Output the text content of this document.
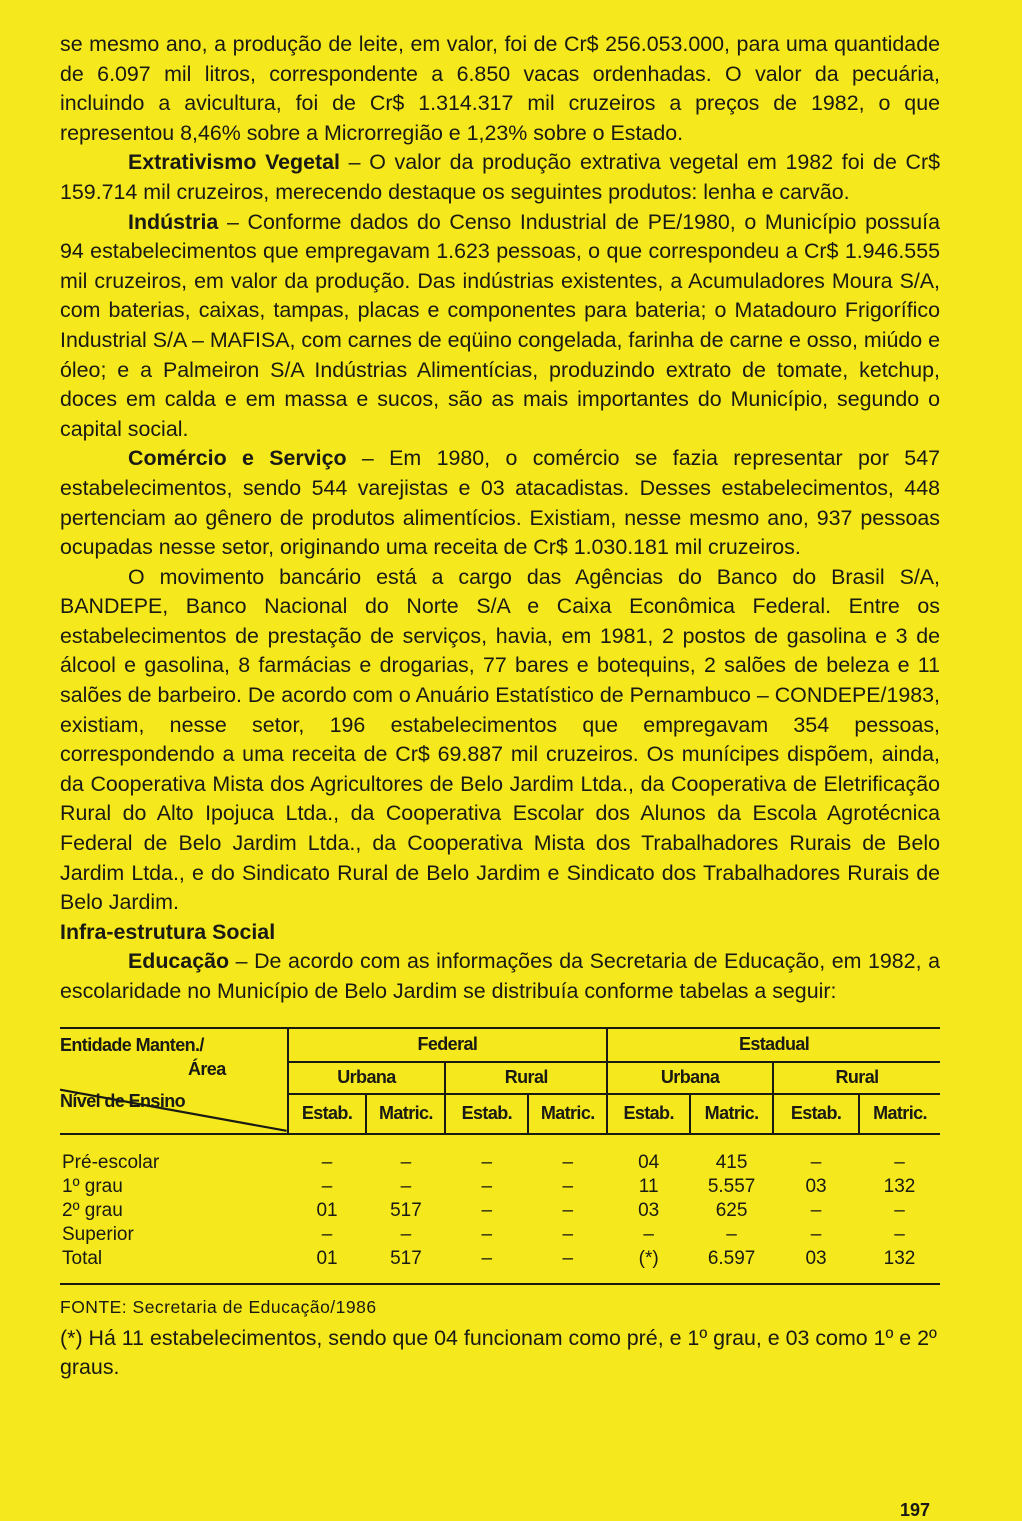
se mesmo ano, a produção de leite, em valor, foi de Cr$ 256.053.000, para uma quantidade de 6.097 mil litros, correspondente a 6.850 vacas ordenhadas. O valor da pecuária, incluindo a avicultura, foi de Cr$ 1.314.317 mil cruzeiros a preços de 1982, o que representou 8,46% sobre a Microrregião e 1,23% sobre o Estado.

Extrativismo Vegetal – O valor da produção extrativa vegetal em 1982 foi de Cr$ 159.714 mil cruzeiros, merecendo destaque os seguintes produtos: lenha e carvão.

Indústria – Conforme dados do Censo Industrial de PE/1980, o Município possuía 94 estabelecimentos que empregavam 1.623 pessoas, o que correspondeu a Cr$ 1.946.555 mil cruzeiros, em valor da produção. Das indústrias existentes, a Acumuladores Moura S/A, com baterias, caixas, tampas, placas e componentes para bateria; o Matadouro Frigorífico Industrial S/A – MAFISA, com carnes de eqüino congelada, farinha de carne e osso, miúdo e óleo; e a Palmeiron S/A Indústrias Alimentícias, produzindo extrato de tomate, ketchup, doces em calda e em massa e sucos, são as mais importantes do Município, segundo o capital social.

Comércio e Serviço – Em 1980, o comércio se fazia representar por 547 estabelecimentos, sendo 544 varejistas e 03 atacadistas. Desses estabelecimentos, 448 pertenciam ao gênero de produtos alimentícios. Existiam, nesse mesmo ano, 937 pessoas ocupadas nesse setor, originando uma receita de Cr$ 1.030.181 mil cruzeiros.

O movimento bancário está a cargo das Agências do Banco do Brasil S/A, BANDEPE, Banco Nacional do Norte S/A e Caixa Econômica Federal. Entre os estabelecimentos de prestação de serviços, havia, em 1981, 2 postos de gasolina e 3 de álcool e gasolina, 8 farmácias e drogarias, 77 bares e botequins, 2 salões de beleza e 11 salões de barbeiro. De acordo com o Anuário Estatístico de Pernambuco – CONDEPE/1983, existiam, nesse setor, 196 estabelecimentos que empregavam 354 pessoas, correspondendo a uma receita de Cr$ 69.887 mil cruzeiros. Os munícipes dispõem, ainda, da Cooperativa Mista dos Agricultores de Belo Jardim Ltda., da Cooperativa de Eletrificação Rural do Alto Ipojuca Ltda., da Cooperativa Escolar dos Alunos da Escola Agrotécnica Federal de Belo Jardim Ltda., da Cooperativa Mista dos Trabalhadores Rurais de Belo Jardim Ltda., e do Sindicato Rural de Belo Jardim e Sindicato dos Trabalhadores Rurais de Belo Jardim.

Infra-estrutura Social

Educação – De acordo com as informações da Secretaria de Educação, em 1982, a escolaridade no Município de Belo Jardim se distribuía conforme tabelas a seguir:

Entidade Manten./
Área
Nível de Ensino	Federal				Estadual			
	Urbana		Rural		Urbana		Rural	
	Estab.	Matric.	Estab.	Matric.	Estab.	Matric.	Estab.	Matric.

Pré-escolar	–	–	–	–	04	415	–	–
1º grau	–	–	–	–	11	5.557	03	132
2º grau	01	517	–	–	03	625	–	–
Superior	–	–	–	–	–	–	–	–
Total	01	517	–	–	(*)	6.597	03	132

FONTE: Secretaria de Educação/1986
(*) Há 11 estabelecimentos, sendo que 04 funcionam como pré, e 1º grau, e 03 como 1º e 2º graus.
197
